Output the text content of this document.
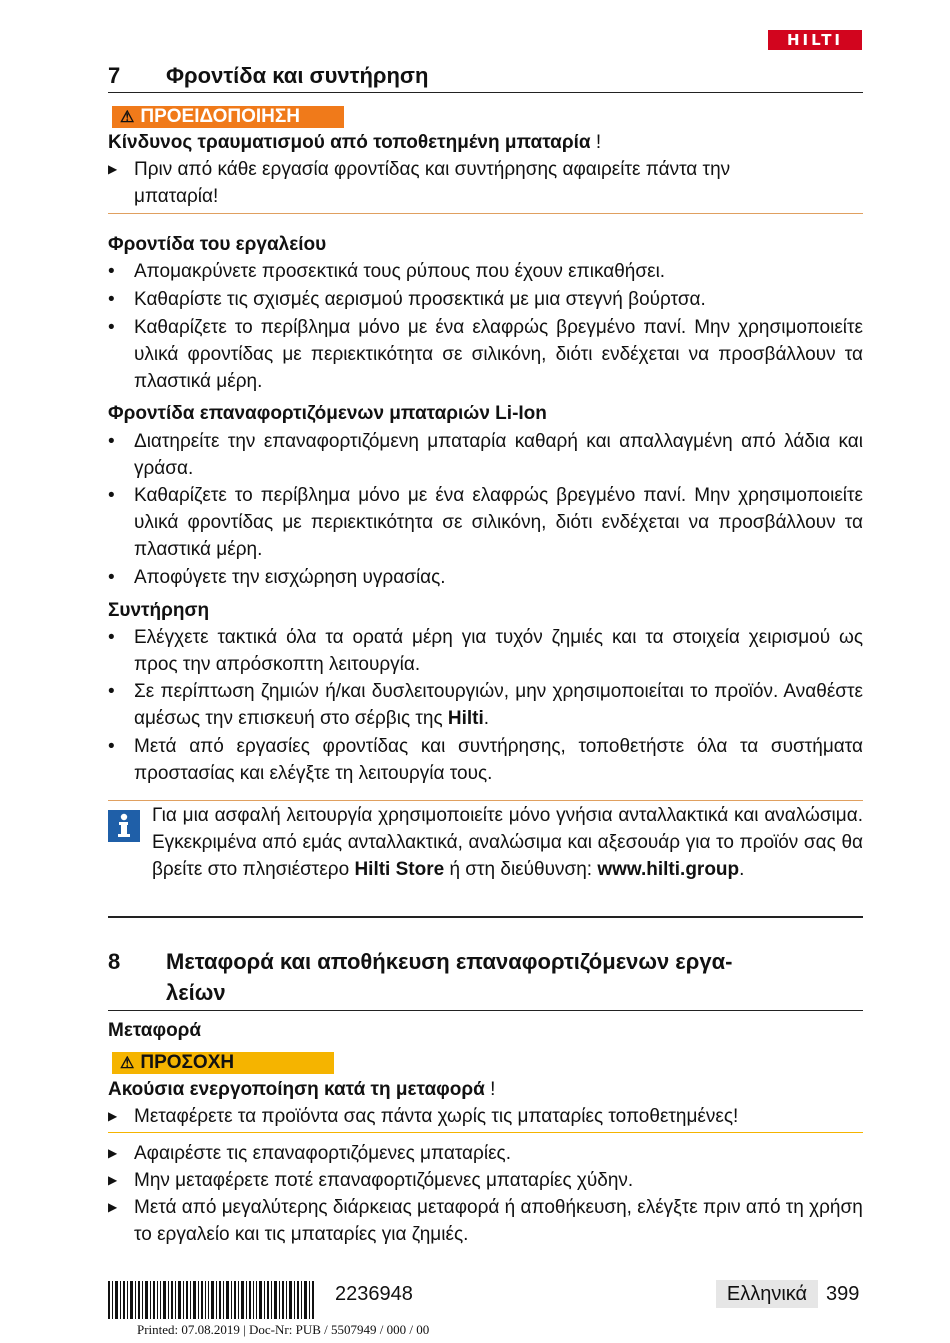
HILTI
7 Φροντίδα και συντήρηση
⚠ ΠΡΟΕΙΔΟΠΟΙΗΣΗ
Κίνδυνος τραυματισμού από τοποθετημένη μπαταρία !
▶ Πριν από κάθε εργασία φροντίδας και συντήρησης αφαιρείτε πάντα την
μπαταρία!
Φροντίδα του εργαλείου
•	Απομακρύνετε προσεκτικά τους ρύπους που έχουν επικαθήσει.
•	Καθαρίστε τις σχισμές αερισμού προσεκτικά με μια στεγνή βούρτσα.
•	Καθαρίζετε το περίβλημα μόνο με ένα ελαφρώς βρεγμένο πανί. Μην χρησιμοποιείτε υλικά φροντίδας με περιεκτικότητα σε σιλικόνη, διότι ενδέχεται να προσβάλλουν τα πλαστικά μέρη.
Φροντίδα επαναφορτιζόμενων μπαταριών Li-Ion
•	Διατηρείτε την επαναφορτιζόμενη μπαταρία καθαρή και απαλλαγμένη από λάδια και γράσα.
•	Καθαρίζετε το περίβλημα μόνο με ένα ελαφρώς βρεγμένο πανί. Μην χρησιμοποιείτε υλικά φροντίδας με περιεκτικότητα σε σιλικόνη, διότι ενδέχεται να προσβάλλουν τα πλαστικά μέρη.
•	Αποφύγετε την εισχώρηση υγρασίας.
Συντήρηση
•	Ελέγχετε τακτικά όλα τα ορατά μέρη για τυχόν ζημιές και τα στοιχεία χειρισμού ως προς την απρόσκοπτη λειτουργία.
•	Σε περίπτωση ζημιών ή/και δυσλειτουργιών, μην χρησιμοποιείται το προϊόν. Αναθέστε αμέσως την επισκευή στο σέρβις της Hilti.
•	Μετά από εργασίες φροντίδας και συντήρησης, τοποθετήστε όλα τα συστήματα προστασίας και ελέγξτε τη λειτουργία τους.
Για μια ασφαλή λειτουργία χρησιμοποιείτε μόνο γνήσια ανταλλακτικά και αναλώσιμα. Εγκεκριμένα από εμάς ανταλλακτικά, αναλώσιμα και αξεσουάρ για το προϊόν σας θα βρείτε στο πλησιέστερο Hilti Store ή στη διεύθυνση: www.hilti.group.
8 Μεταφορά και αποθήκευση επαναφορτιζόμενων εργα-
λείων
Μεταφορά
⚠ ΠΡΟΣΟΧΗ
Ακούσια ενεργοποίηση κατά τη μεταφορά !
▶ Μεταφέρετε τα προϊόντα σας πάντα χωρίς τις μπαταρίες τοποθετημένες!
▶ Αφαιρέστε τις επαναφορτιζόμενες μπαταρίες.
▶ Μην μεταφέρετε ποτέ επαναφορτιζόμενες μπαταρίες χύδην.
▶ Μετά από μεγαλύτερης διάρκειας μεταφορά ή αποθήκευση, ελέγξτε πριν από τη χρήση το εργαλείο και τις μπαταρίες για ζημιές.
2236948	Ελληνικά 399
Printed: 07.08.2019 | Doc-Nr: PUB / 5507949 / 000 / 00
